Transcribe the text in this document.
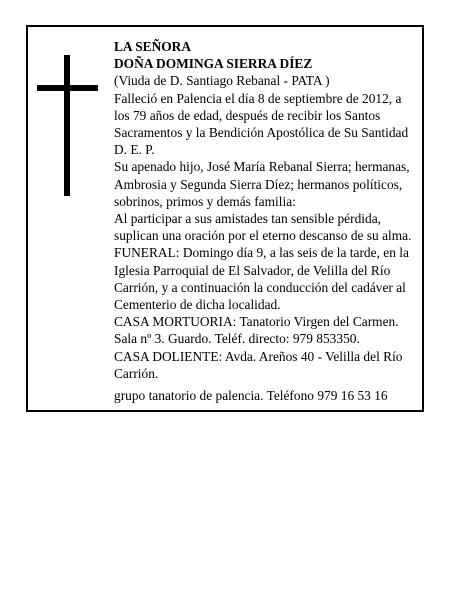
LA SEÑORA
DOÑA DOMINGA SIERRA DÍEZ
(Viuda de D. Santiago Rebanal - PATA )
Falleció en Palencia el día 8 de septiembre de 2012, a
los 79 años de edad, después de recibir los Santos
Sacramentos y la Bendición Apostólica de Su Santidad
D. E. P.
Su apenado hijo, José María Rebanal Sierra; hermanas,
Ambrosia y Segunda Sierra Díez; hermanos políticos,
sobrinos, primos y demás familia:
Al participar a sus amistades tan sensible pérdida,
suplican una oración por el eterno descanso de su alma.
FUNERAL: Domingo día 9, a las seis de la tarde, en la
Iglesia Parroquial de El Salvador, de Velilla del Río
Carrión, y a continuación la conducción del cadáver al
Cementerio de dicha localidad.
CASA MORTUORIA: Tanatorio Virgen del Carmen.
Sala nº 3. Guardo. Teléf. directo: 979 853350.
CASA DOLIENTE: Avda. Areños 40 - Velilla del Río
Carrión.
grupo tanatorio de palencia. Teléfono 979 16 53 16
